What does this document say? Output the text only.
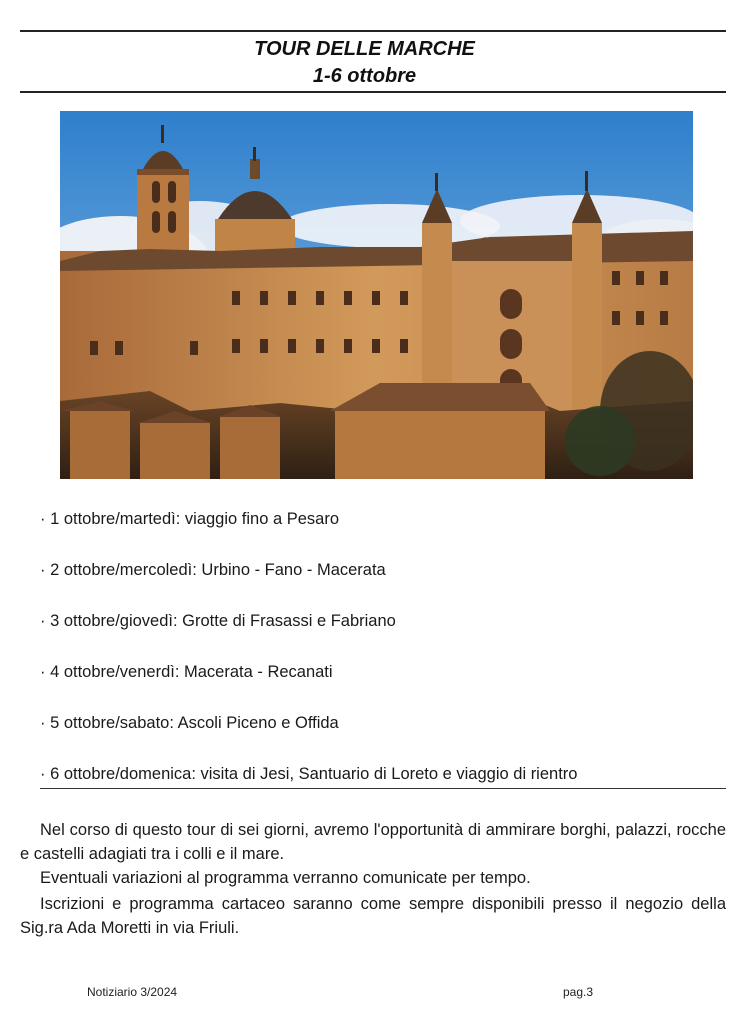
TOUR DELLE MARCHE
1-6 ottobre
· 1 ottobre/martedì: viaggio fino a Pesaro
· 2 ottobre/mercoledì: Urbino - Fano - Macerata
· 3 ottobre/giovedì: Grotte di Frasassi e Fabriano
· 4 ottobre/venerdì: Macerata - Recanati
· 5 ottobre/sabato: Ascoli Piceno e Offida
· 6 ottobre/domenica: visita di Jesi, Santuario di Loreto e viaggio di rientro
Nel corso di questo tour di sei giorni, avremo l'opportunità di ammirare borghi, palazzi, rocche e castelli adagiati tra i colli e il mare.
Eventuali variazioni al programma verranno comunicate per tempo.
Iscrizioni e programma cartaceo saranno come sempre disponibili presso il negozio della Sig.ra Ada Moretti in via Friuli.
Notiziario 3/2024	pag.3
